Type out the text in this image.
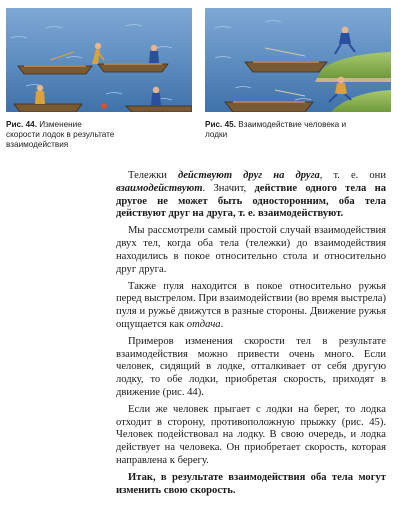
Рис. 44. Изменение скорости лодок в результате взаимодействия
Рис. 45. Взаимодействие человека и лодки

Тележки действуют друг на друга, т. е. они взаимодействуют. Значит, действие одного тела на другое не может быть односторонним, оба тела действуют друг на друга, т. е. взаимодействуют.

Мы рассмотрели самый простой случай взаимодействия двух тел, когда оба тела (тележки) до взаимодействия находились в покое относительно стола и относительно друг друга.

Также пуля находится в покое относительно ружья перед выстрелом. При взаимодействии (во время выстрела) пуля и ружьё движутся в разные стороны. Движение ружья ощущается как отдача.

Примеров изменения скорости тел в результате взаимодействия можно привести очень много. Если человек, сидящий в лодке, отталкивает от себя другую лодку, то обе лодки, приобретая скорость, приходят в движение (рис. 44).

Если же человек прыгает с лодки на берег, то лодка отходит в сторону, противоположную прыжку (рис. 45). Человек подействовал на лодку. В свою очередь, и лодка действует на человека. Он приобретает скорость, которая направлена к берегу.

Итак, в результате взаимодействия оба тела могут изменить свою скорость.
